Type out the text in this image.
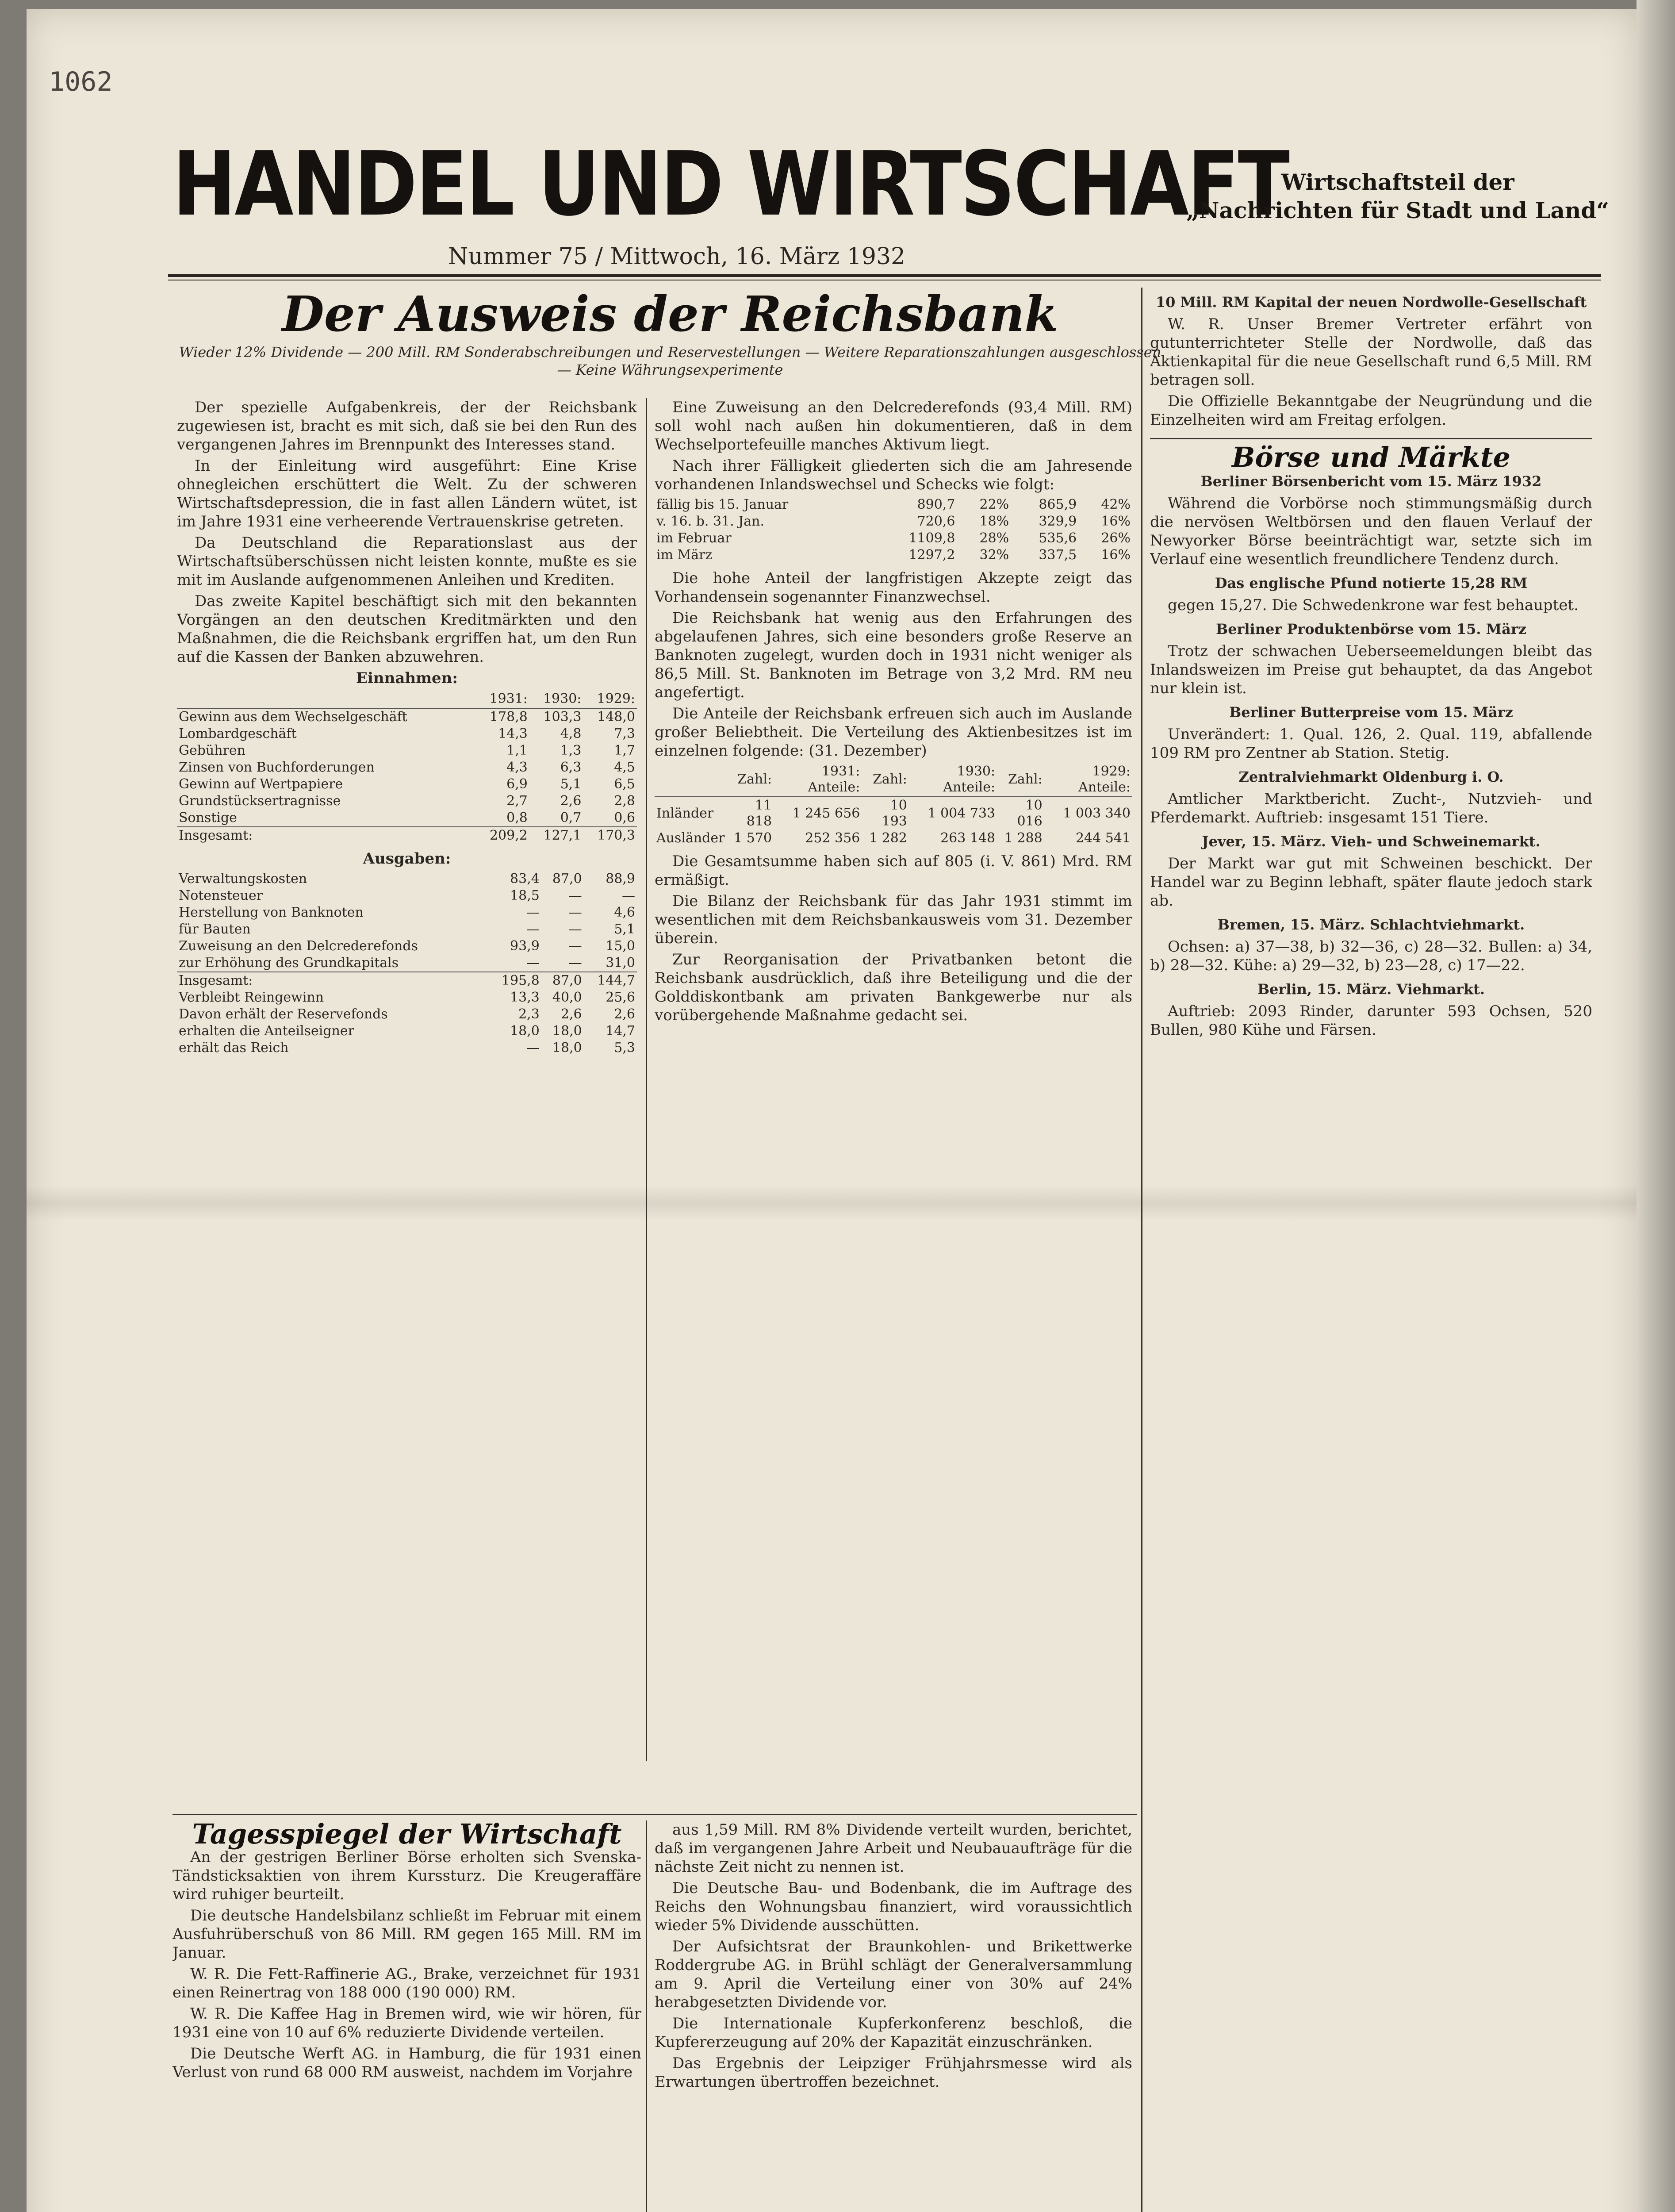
1062
HANDEL UND WIRTSCHAFT
Wirtschaftsteil der
„Nachrichten für Stadt und Land“
Nummer 75 / Mittwoch, 16. März 1932
Der Ausweis der Reichsbank
Wieder 12% Dividende — 200 Mill. RM Sonderabschreibungen und Reservestellungen — Weitere Reparationszahlungen ausgeschlossen — Keine Währungsexperimente

Der spezielle Aufgabenkreis, der der Reichsbank zugewiesen ist, bracht es mit sich, daß sie bei den Run des vergangenen Jahres im Brennpunkt des Interesses stand.

In der Einleitung wird ausgeführt: Eine Krise ohnegleichen erschüttert die Welt. Zu der schweren Wirtschaftsdepression, die in fast allen Ländern wütet, ist im Jahre 1931 eine verheerende Vertrauenskrise getreten.

Da Deutschland die Reparationslast aus der Wirtschaftsüberschüssen nicht leisten konnte, mußte es sie mit im Auslande aufgenommenen Anleihen und Krediten.

Das zweite Kapitel beschäftigt sich mit den bekannten Vorgängen an den deutschen Kreditmärkten und den Maßnahmen, die die Reichsbank ergriffen hat, um den Run auf die Kassen der Banken abzuwehren.

Einnahmen:
	1931:	1930:	1929:
Gewinn aus dem Wechselgeschäft	178,8	103,3	148,0
Lombardgeschäft	14,3	4,8	7,3
Gebühren	1,1	1,3	1,7
Zinsen von Buchforderungen	4,3	6,3	4,5
Gewinn auf Wertpapiere	6,9	5,1	6,5
Grundstücksertragnisse	2,7	2,6	2,8
Sonstige	0,8	0,7	0,6
Insgesamt:	209,2	127,1	170,3
Ausgaben:
Verwaltungskosten	83,4	87,0	88,9
Notensteuer	18,5	—	—
Herstellung von Banknoten	—	—	4,6
für Bauten	—	—	5,1
Zuweisung an den Delcrederefonds	93,9	—	15,0
zur Erhöhung des Grundkapitals	—	—	31,0
Insgesamt:	195,8	87,0	144,7
Verbleibt Reingewinn	13,3	40,0	25,6
Davon erhält der Reservefonds	2,3	2,6	2,6
erhalten die Anteilseigner	18,0	18,0	14,7
erhält das Reich	—	18,0	5,3

Eine Zuweisung an den Delcrederefonds (93,4 Mill. RM) soll wohl nach außen hin dokumentieren, daß in dem Wechselportefeuille manches Aktivum liegt.

Nach ihrer Fälligkeit gliederten sich die am Jahresende vorhandenen Inlandswechsel und Schecks wie folgt:

fällig bis 15. Januar	890,7	22%	865,9	42%
v. 16. b. 31. Jan.	720,6	18%	329,9	16%
im Februar	1109,8	28%	535,6	26%
im März	1297,2	32%	337,5	16%

Die hohe Anteil der langfristigen Akzepte zeigt das Vorhandensein sogenannter Finanzwechsel.

Die Reichsbank hat wenig aus den Erfahrungen des abgelaufenen Jahres, sich eine besonders große Reserve an Banknoten zugelegt, wurden doch in 1931 nicht weniger als 86,5 Mill. St. Banknoten im Betrage von 3,2 Mrd. RM neu angefertigt.

Die Anteile der Reichsbank erfreuen sich auch im Auslande großer Beliebtheit. Die Verteilung des Aktienbesitzes ist im einzelnen folgende: (31. Dezember)

	Zahl:	1931: Anteile:	Zahl:	1930: Anteile:	Zahl:	1929: Anteile:
Inländer	11 818	1 245 656	10 193	1 004 733	10 016	1 003 340
Ausländer	1 570	252 356	1 282	263 148	1 288	244 541

Die Gesamtsumme haben sich auf 805 (i. V. 861) Mrd. RM ermäßigt.

Die Bilanz der Reichsbank für das Jahr 1931 stimmt im wesentlichen mit dem Reichsbankausweis vom 31. Dezember überein.

Zur Reorganisation der Privatbanken betont die Reichsbank ausdrücklich, daß ihre Beteiligung und die der Golddiskontbank am privaten Bankgewerbe nur als vorübergehende Maßnahme gedacht sei.

Tagesspiegel der Wirtschaft

An der gestrigen Berliner Börse erholten sich Svenska-Tändsticksaktien von ihrem Kurssturz. Die Kreugeraffäre wird ruhiger beurteilt.

Die deutsche Handelsbilanz schließt im Februar mit einem Ausfuhrüberschuß von 86 Mill. RM gegen 165 Mill. RM im Januar.

W. R. Die Fett-Raffinerie AG., Brake, verzeichnet für 1931 einen Reinertrag von 188 000 (190 000) RM.

W. R. Die Kaffee Hag in Bremen wird, wie wir hören, für 1931 eine von 10 auf 6% reduzierte Dividende verteilen.

Die Deutsche Werft AG. in Hamburg, die für 1931 einen Verlust von rund 68 000 RM ausweist, nachdem im Vorjahre

aus 1,59 Mill. RM 8% Dividende verteilt wurden, berichtet, daß im vergangenen Jahre Arbeit und Neubauaufträge für die nächste Zeit nicht zu nennen ist.

Die Deutsche Bau- und Bodenbank, die im Auftrage des Reichs den Wohnungsbau finanziert, wird voraussichtlich wieder 5% Dividende ausschütten.

Der Aufsichtsrat der Braunkohlen- und Brikettwerke Roddergrube AG. in Brühl schlägt der Generalversammlung am 9. April die Verteilung einer von 30% auf 24% herabgesetzten Dividende vor.

Die Internationale Kupferkonferenz beschloß, die Kupfererzeugung auf 20% der Kapazität einzuschränken.

Das Ergebnis der Leipziger Frühjahrsmesse wird als Erwartungen übertroffen bezeichnet.

10 Mill. RM Kapital der neuen Nordwolle-Gesellschaft

W. R. Unser Bremer Vertreter erfährt von gutunterrichteter Stelle der Nordwolle, daß das Aktienkapital für die neue Gesellschaft rund 6,5 Mill. RM betragen soll.

Die Offizielle Bekanntgabe der Neugründung und die Einzelheiten wird am Freitag erfolgen.

Börse und Märkte
Berliner Börsenbericht vom 15. März 1932

Während die Vorbörse noch stimmungsmäßig durch die nervösen Weltbörsen und den flauen Verlauf der Newyorker Börse beeinträchtigt war, setzte sich im Verlauf eine wesentlich freundlichere Tendenz durch.

Das englische Pfund notierte 15,28 RM

gegen 15,27. Die Schwedenkrone war fest behauptet.

Berliner Produktenbörse vom 15. März

Trotz der schwachen Ueberseemeldungen bleibt das Inlandsweizen im Preise gut behauptet, da das Angebot nur klein ist.

Berliner Butterpreise vom 15. März

Unverändert: 1. Qual. 126, 2. Qual. 119, abfallende 109 RM pro Zentner ab Station. Stetig.

Zentralviehmarkt Oldenburg i. O.

Amtlicher Marktbericht. Zucht-, Nutzvieh- und Pferdemarkt. Auftrieb: insgesamt 151 Tiere.

Jever, 15. März. Vieh- und Schweinemarkt.

Der Markt war gut mit Schweinen beschickt. Der Handel war zu Beginn lebhaft, später flaute jedoch stark ab.

Bremen, 15. März. Schlachtviehmarkt.

Ochsen: a) 37—38, b) 32—36, c) 28—32. Bullen: a) 34, b) 28—32. Kühe: a) 29—32, b) 23—28, c) 17—22.

Berlin, 15. März. Viehmarkt.

Auftrieb: 2093 Rinder, darunter 593 Ochsen, 520 Bullen, 980 Kühe und Färsen.
